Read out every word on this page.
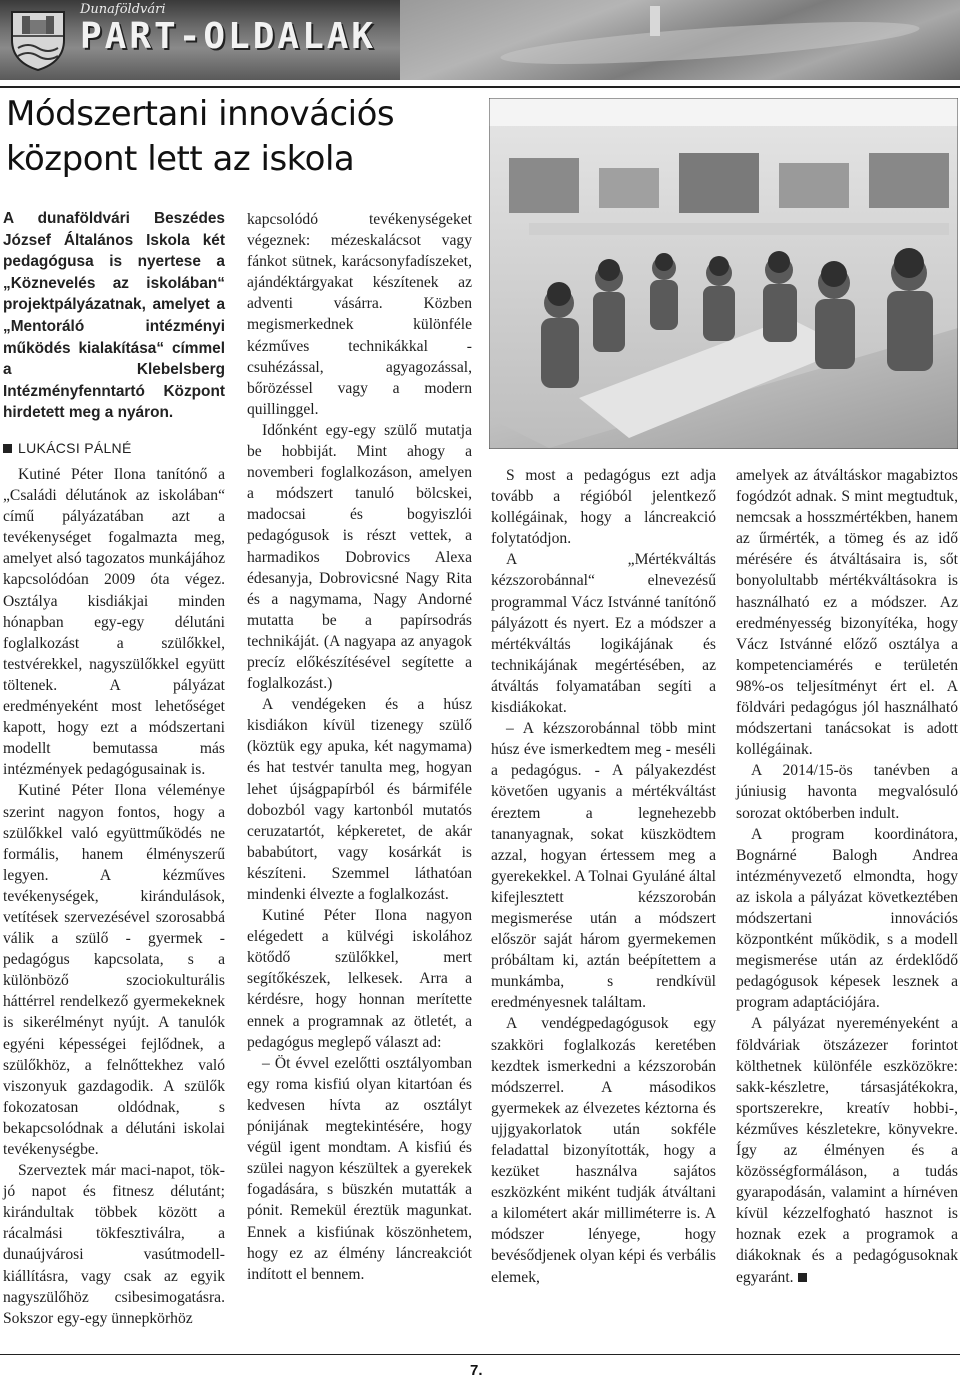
Dunaföldvári
PART-OLDALAK
Módszertani innovációs
központ lett az iskola

A dunaföldvári Beszédes József Általános Iskola két pedagógusa is nyertese a „Köznevelés az iskolában“ projektpályázatnak, amelyet a „Mentoráló intézményi működés kialakítása“ címmel a Klebelsberg Intézményfenntartó Központ hirdetett meg a nyáron.

LUKÁCSI PÁLNÉ

Kutiné Péter Ilona tanítónő a „Családi délutánok az iskolában“ című pályázatában azt a tevékenységet fogalmazta meg, amelyet alsó tagozatos munkájához kapcsolódóan 2009 óta végez. Osztálya kisdiákjai minden hónapban egy-egy délutáni foglalkozást a szülőkkel, testvérekkel, nagyszülőkkel együtt töltenek. A pályázat eredményeként most lehetőséget kapott, hogy ezt a módszertani modellt bemutassa más intézmények pedagógusainak is.

Kutiné Péter Ilona véleménye szerint nagyon fontos, hogy a szülőkkel való együttműködés ne formális, hanem élményszerű legyen. A kézműves tevékenységek, kirándulások, vetítések szervezésével szorosabbá válik a szülő - gyermek - pedagógus kapcsolata, s a különböző szociokulturális háttérrel rendelkező gyermekeknek is sikerélményt nyújt. A tanulók egyéni képességei fejlődnek, a szülőkhöz, a felnőttekhez való viszonyuk gazdagodik. A szülők fokozatosan oldódnak, s bekapcsolódnak a délutáni iskolai tevékenységbe.

Szerveztek már maci-napot, tök-jó napot és fitnesz délutánt; kirándultak többek között a rácalmási tökfesztiválra, a dunaújvárosi vasútmodell-kiállításra, vagy csak az egyik nagyszülőhöz csibesimogatásra. Sokszor egy-egy ünnepkörhöz

kapcsolódó tevékenységeket végeznek: mézeskalácsot vagy fánkot sütnek, karácsonyfadíszeket, ajándéktárgyakat készítenek az adventi vásárra. Közben megismerkednek különféle kézműves technikákkal - csuhézással, agyagozással, bőrözéssel vagy a modern quillinggel.

Időnként egy-egy szülő mutatja be hobbiját. Mint ahogy a novemberi foglalkozáson, amelyen a módszert tanuló bölcskei, madocsai és bogyiszlói pedagógusok is részt vettek, a harmadikos Dobrovics Alexa édesanyja, Dobrovicsné Nagy Rita és a nagymama, Nagy Andorné mutatta be a papírsodrás technikáját. (A nagyapa az anyagok precíz előkészítésével segítette a foglalkozást.)

A vendégeken és a húsz kisdiákon kívül tizenegy szülő (köztük egy apuka, két nagymama) és hat testvér tanulta meg, hogyan lehet újságpapírból és bármiféle dobozból vagy kartonból mutatós ceruzatartót, képkeretet, de akár bababútort, vagy kosárkát is készíteni. Szemmel láthatóan mindenki élvezte a foglalkozást.

Kutiné Péter Ilona nagyon elégedett a külvégi iskolához kötődő szülőkkel, mert segítőkészek, lelkesek. Arra a kérdésre, hogy honnan merítette ennek a programnak az ötletét, a pedagógus meglepő választ ad:

– Öt évvel ezelőtti osztályomban egy roma kisfiú olyan kitartóan és kedvesen hívta az osztályt pónijának megtekintésére, hogy végül igent mondtam. A kisfiú és szülei nagyon készültek a gyerekek fogadására, s büszkén mutatták a pónit. Remekül éreztük magunkat. Ennek a kisfiúnak köszönhetem, hogy ez az élmény láncreakciót indított el bennem.

S most a pedagógus ezt adja tovább a régióból jelentkező kollégáinak, hogy a láncreakció folytatódjon.

A „Mértékváltás kézszorobánnal“ elnevezésű programmal Vácz Istvánné tanítónő pályázott és nyert. Ez a módszer a mértékváltás logikájának és technikájának megértésében, az átváltás folyamatában segíti a kisdiákokat.

– A kézszorobánnal több mint húsz éve ismerkedtem meg - meséli a pedagógus. - A pályakezdést követően ugyanis a mértékváltást éreztem a legnehezebb tananyagnak, sokat küszködtem azzal, hogyan értessem meg a gyerekekkel. A Tolnai Gyuláné által kifejlesztett kézszorobán megismerése után a módszert először saját három gyermekemen próbáltam ki, aztán beépítettem a munkámba, s rendkívül eredményesnek találtam.

A vendégpedagógusok egy szakköri foglalkozás keretében kezdtek ismerkedni a kézszorobán módszerrel. A másodikos gyermekek az élvezetes kéztorna és ujjgyakorlatok után sokféle feladattal bizonyították, hogy a kezüket használva sajátos eszközként miként tudják átváltani a kilométert akár milliméterre is. A módszer lényege, hogy bevésődjenek olyan képi és verbális elemek,

amelyek az átváltáskor magabiztos fogódzót adnak. S mint megtudtuk, nemcsak a hosszmértékben, hanem az űrmérték, a tömeg és az idő mérésére és átváltásaira is, sőt bonyolultabb mértékváltásokra is használható ez a módszer. Az eredményesség bizonyítéka, hogy Vácz Istvánné előző osztálya a kompetenciamérés e területén 98%-os teljesítményt ért el. A földvári pedagógus jól használható módszertani tanácsokat is adott kollégáinak.

A 2014/15-ös tanévben a júniusig havonta megvalósuló sorozat októberben indult.

A program koordinátora, Bognárné Balogh Andrea intézményvezető elmondta, hogy az iskola a pályázat következtében módszertani innovációs központként működik, s a modell megismerése után az érdeklődő pedagógusok képesek lesznek a program adaptációjára.

A pályázat nyereményeként a földváriak ötszázezer forintot költhetnek különféle eszközökre: sakk-készletre, társasjátékokra, sportszerekre, kreatív hobbi-, kézműves készletekre, könyvekre. Így az élményen és a közösségformáláson, a tudás gyarapodásán, valamint a hírnéven kívül kézzelfogható hasznot is hoznak ezek a programok a diákoknak és a pedagógusoknak egyaránt.

7.
